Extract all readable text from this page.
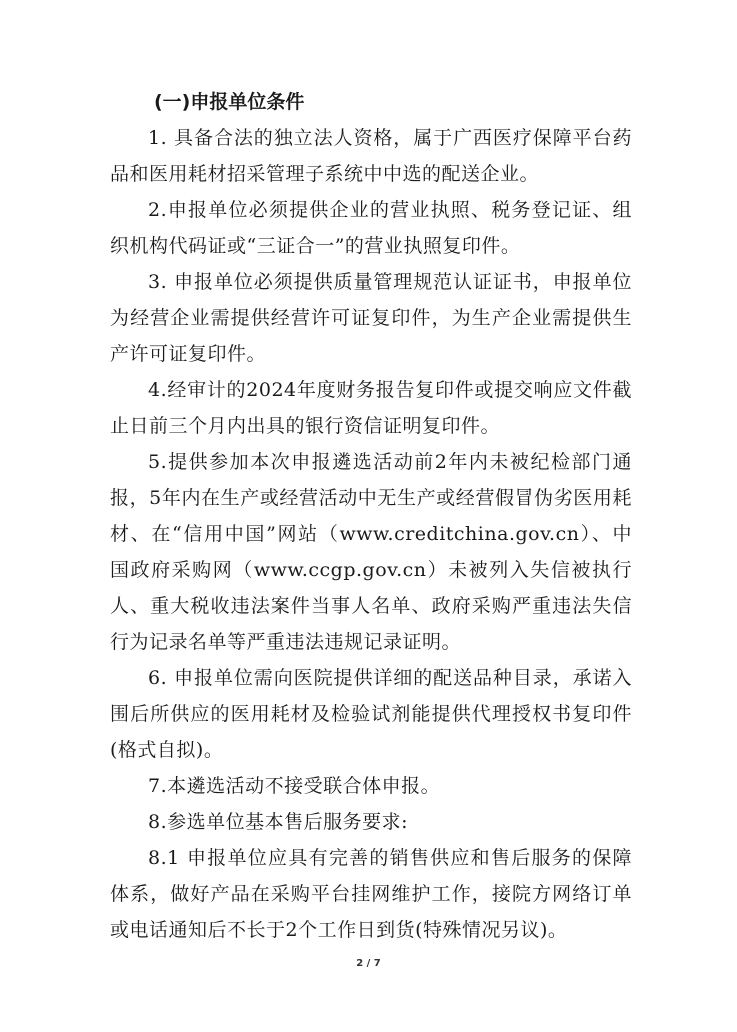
(一)申报单位条件

1. 具备合法的独立法人资格，属于广西医疗保障平台药品和医用耗材招采管理子系统中中选的配送企业。

2.申报单位必须提供企业的营业执照、税务登记证、组织机构代码证或“三证合一”的营业执照复印件。

3. 申报单位必须提供质量管理规范认证证书，申报单位为经营企业需提供经营许可证复印件，为生产企业需提供生产许可证复印件。

4.经审计的2024年度财务报告复印件或提交响应文件截止日前三个月内出具的银行资信证明复印件。

5.提供参加本次申报遴选活动前2年内未被纪检部门通报，5年内在生产或经营活动中无生产或经营假冒伪劣医用耗材、在“信用中国”网站（www.creditchina.gov.cn）、中国政府采购网（www.ccgp.gov.cn）未被列入失信被执行人、重大税收违法案件当事人名单、政府采购严重违法失信行为记录名单等严重违法违规记录证明。

6. 申报单位需向医院提供详细的配送品种目录，承诺入围后所供应的医用耗材及检验试剂能提供代理授权书复印件(格式自拟)。

7.本遴选活动不接受联合体申报。

8.参选单位基本售后服务要求:

8.1 申报单位应具有完善的销售供应和售后服务的保障体系，做好产品在采购平台挂网维护工作，接院方网络订单或电话通知后不长于2个工作日到货(特殊情况另议)。

2 / 7
